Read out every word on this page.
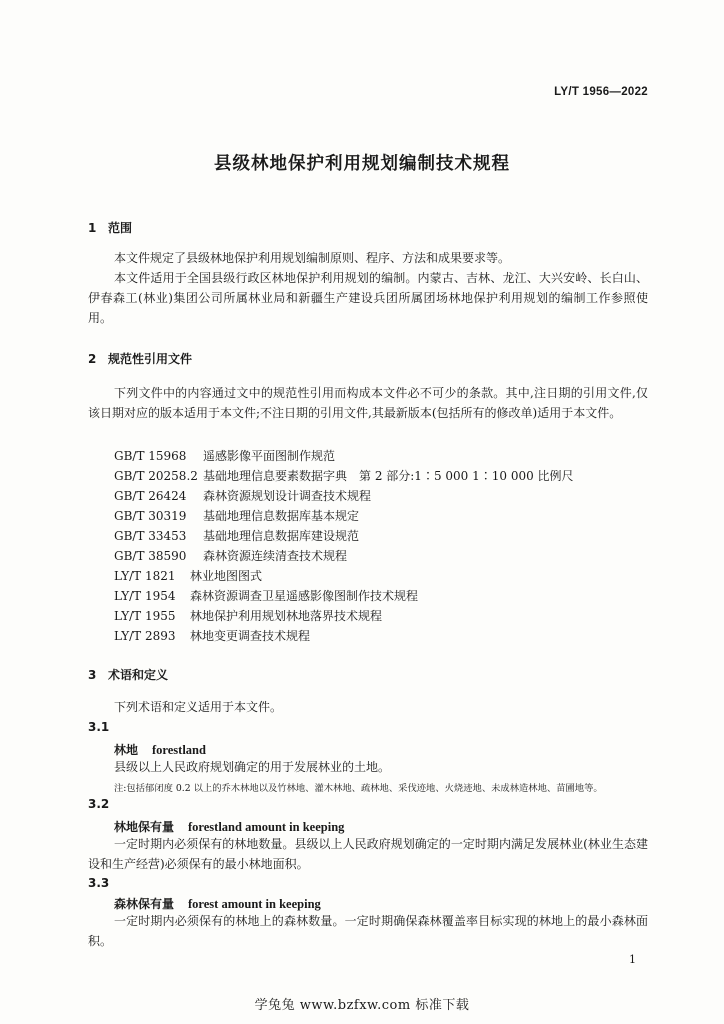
LY/T 1956—2022
县级林地保护利用规划编制技术规程
1 范围
本文件规定了县级林地保护利用规划编制原则、程序、方法和成果要求等。
本文件适用于全国县级行政区林地保护利用规划的编制。内蒙古、吉林、龙江、大兴安岭、长白山、伊春森工(林业)集团公司所属林业局和新疆生产建设兵团所属团场林地保护利用规划的编制工作参照使用。
2 规范性引用文件
下列文件中的内容通过文中的规范性引用而构成本文件必不可少的条款。其中,注日期的引用文件,仅该日期对应的版本适用于本文件;不注日期的引用文件,其最新版本(包括所有的修改单)适用于本文件。
GB/T 15968 遥感影像平面图制作规范
GB/T 20258.2 基础地理信息要素数据字典　第 2 部分:1∶5 000 1∶10 000 比例尺
GB/T 26424 森林资源规划设计调查技术规程
GB/T 30319 基础地理信息数据库基本规定
GB/T 33453 基础地理信息数据库建设规范
GB/T 38590 森林资源连续清查技术规程
LY/T 1821 林业地图图式
LY/T 1954 森林资源调查卫星遥感影像图制作技术规程
LY/T 1955 林地保护利用规划林地落界技术规程
LY/T 2893 林地变更调查技术规程
3 术语和定义
下列术语和定义适用于本文件。
3.1
林地 forestland
县级以上人民政府规划确定的用于发展林业的土地。
注:包括郁闭度 0.2 以上的乔木林地以及竹林地、灌木林地、疏林地、采伐迹地、火烧迹地、未成林造林地、苗圃地等。
3.2
林地保有量 forestland amount in keeping
一定时期内必须保有的林地数量。县级以上人民政府规划确定的一定时期内满足发展林业(林业生态建设和生产经营)必须保有的最小林地面积。
3.3
森林保有量 forest amount in keeping
一定时期内必须保有的林地上的森林数量。一定时期确保森林覆盖率目标实现的林地上的最小森林面积。
1
学兔兔 www.bzfxw.com 标准下载
